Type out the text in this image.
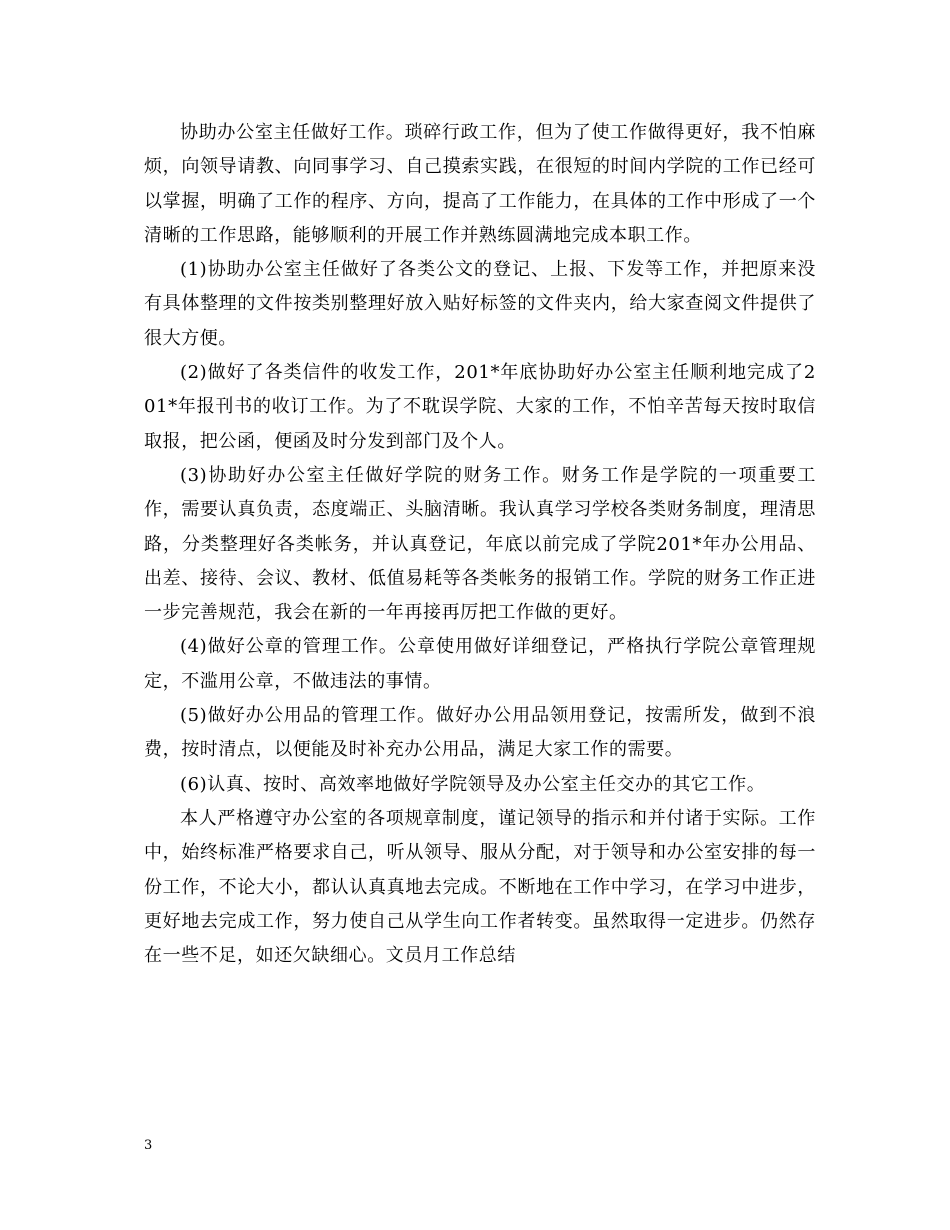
协助办公室主任做好工作。琐碎行政工作，但为了使工作做得更好，我不怕麻烦，向领导请教、向同事学习、自己摸索实践，在很短的时间内学院的工作已经可以掌握，明确了工作的程序、方向，提高了工作能力，在具体的工作中形成了一个清晰的工作思路，能够顺利的开展工作并熟练圆满地完成本职工作。

(1)协助办公室主任做好了各类公文的登记、上报、下发等工作，并把原来没有具体整理的文件按类别整理好放入贴好标签的文件夹内，给大家查阅文件提供了很大方便。

(2)做好了各类信件的收发工作，201*年底协助好办公室主任顺利地完成了201*年报刊书的收订工作。为了不耽误学院、大家的工作，不怕辛苦每天按时取信取报，把公函，便函及时分发到部门及个人。

(3)协助好办公室主任做好学院的财务工作。财务工作是学院的一项重要工作，需要认真负责，态度端正、头脑清晰。我认真学习学校各类财务制度，理清思路，分类整理好各类帐务，并认真登记，年底以前完成了学院201*年办公用品、出差、接待、会议、教材、低值易耗等各类帐务的报销工作。学院的财务工作正进一步完善规范，我会在新的一年再接再厉把工作做的更好。

(4)做好公章的管理工作。公章使用做好详细登记，严格执行学院公章管理规定，不滥用公章，不做违法的事情。

(5)做好办公用品的管理工作。做好办公用品领用登记，按需所发，做到不浪费，按时清点，以便能及时补充办公用品，满足大家工作的需要。

(6)认真、按时、高效率地做好学院领导及办公室主任交办的其它工作。

本人严格遵守办公室的各项规章制度，谨记领导的指示和并付诸于实际。工作中，始终标准严格要求自己，听从领导、服从分配，对于领导和办公室安排的每一份工作，不论大小，都认认真真地去完成。不断地在工作中学习，在学习中进步，更好地去完成工作，努力使自己从学生向工作者转变。虽然取得一定进步。仍然存在一些不足，如还欠缺细心。文员月工作总结

3
